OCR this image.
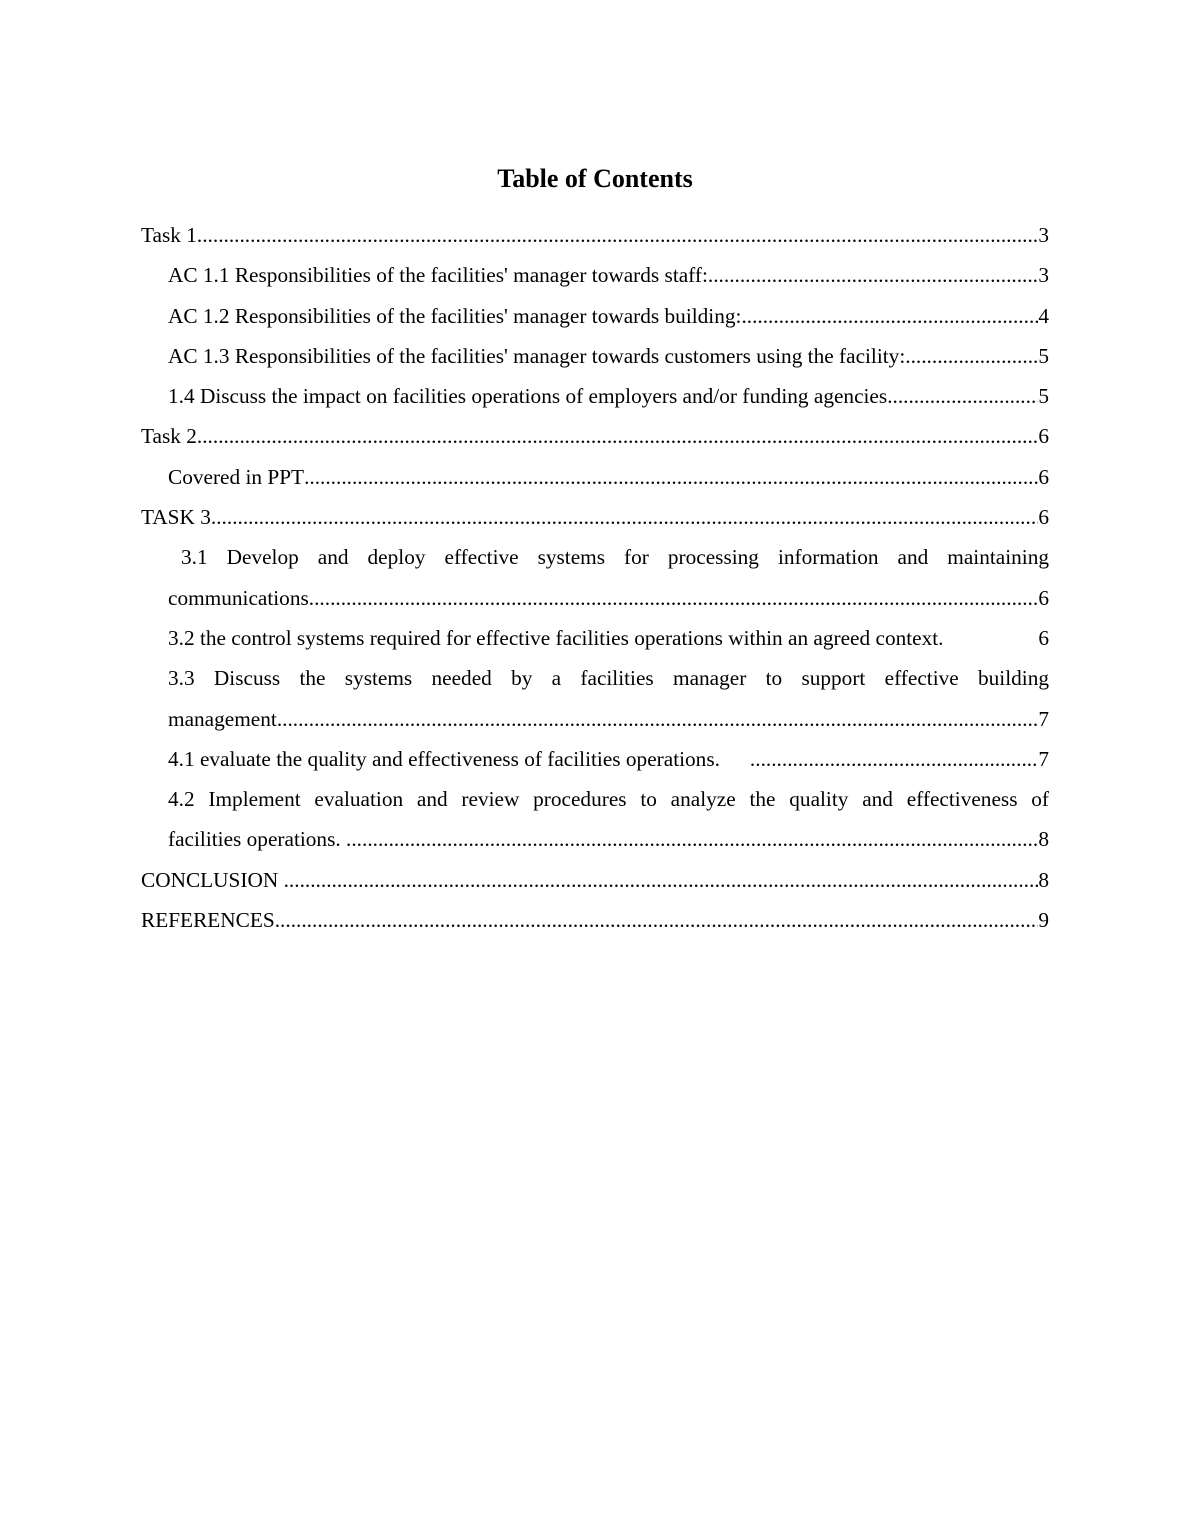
Table of Contents
Task 1 .....	3
AC 1.1 Responsibilities of the facilities' manager towards staff: .....	3
AC 1.2 Responsibilities of the facilities' manager towards building: .....	4
AC 1.3 Responsibilities of the facilities' manager towards customers using the facility: .....	5
1.4 Discuss the impact on facilities operations of employers and/or funding agencies .....	5
Task 2 .....	6
Covered in PPT .....	6
TASK 3 .....	6
3.1 Develop and deploy effective systems for processing information and maintaining
communications. .....	6
3.2 the control systems required for effective facilities operations within an agreed context.	6
3.3 Discuss the systems needed by a facilities manager to support effective building
management .....	7
4.1 evaluate the quality and effectiveness of facilities operations. .....	7
4.2 Implement evaluation and review procedures to analyze the quality and effectiveness of
facilities operations. .....	8
CONCLUSION .....	8
REFERENCES .....	9
